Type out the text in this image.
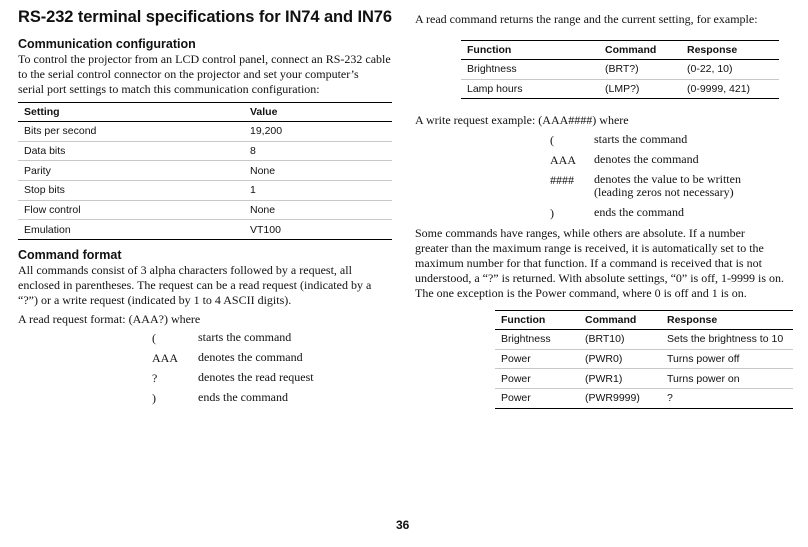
RS-232 terminal specifications for IN74 and IN76
Communication configuration
To control the projector from an LCD control panel, connect an RS-232 cable
to the serial control connector on the projector and set your computer’s
serial port settings to match this communication configuration:
Setting	Value
Bits per second	19,200
Data bits	8
Parity	None
Stop bits	1
Flow control	None
Emulation	VT100
Command format
All commands consist of 3 alpha characters followed by a request, all
enclosed in parentheses. The request can be a read request (indicated by a
“?”) or a write request (indicated by 1 to 4 ASCII digits).
A read request format: (AAA?) where
(	starts the command
AAA denotes the command
?	denotes the read request
)	ends the command
A read command returns the range and the current setting, for example:
Function	Command	Response
Brightness	(BRT?)	(0-22, 10)
Lamp hours	(LMP?)	(0-9999, 421)
A write request example: (AAA####) where
(	starts the command
AAA denotes the command
#### denotes the value to be written
(leading zeros not necessary)
)	ends the command
Some commands have ranges, while others are absolute. If a number
greater than the maximum range is received, it is automatically set to the
maximum number for that function. If a command is received that is not
understood, a “?” is returned. With absolute settings, “0” is off, 1-9999 is on.
The one exception is the Power command, where 0 is off and 1 is on.
Function	Command	Response
Brightness	(BRT10)	Sets the brightness to 10
Power	(PWR0)	Turns power off
Power	(PWR1)	Turns power on
Power	(PWR9999)	?
36
